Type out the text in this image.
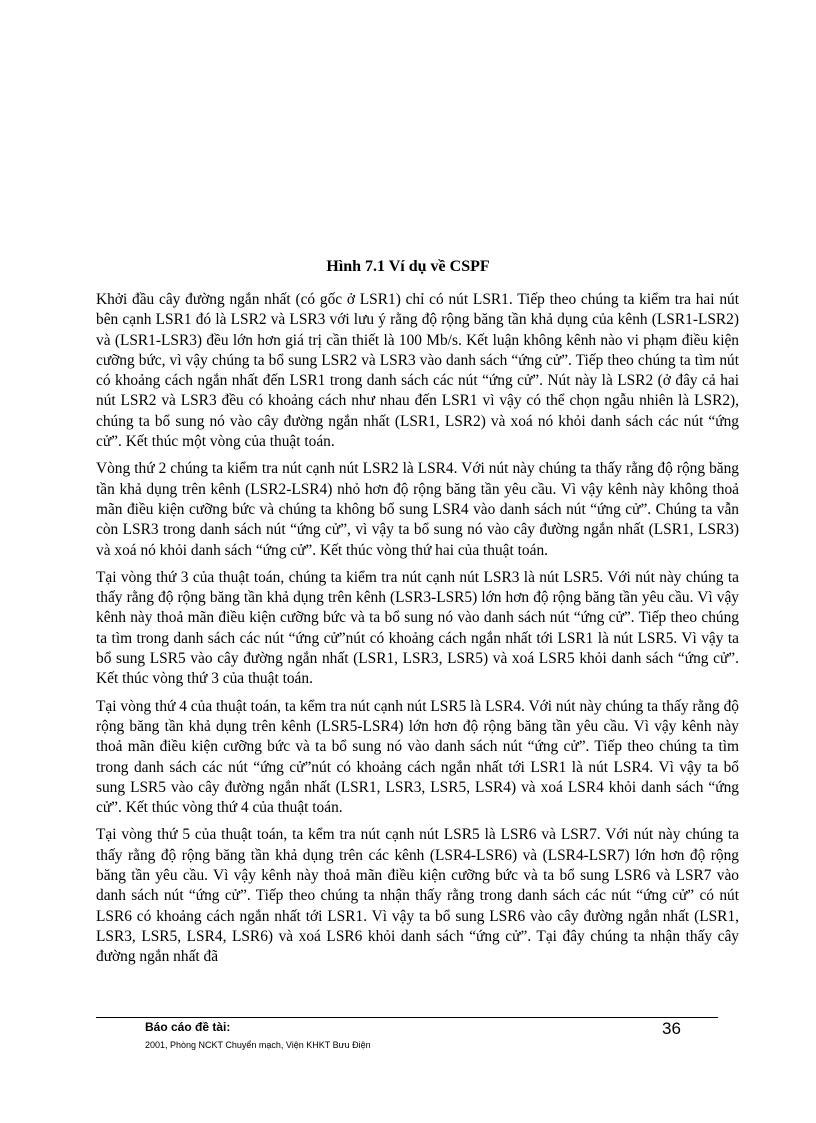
Hình 7.1 Ví dụ về CSPF

Khởi đầu cây đường ngắn nhất (có gốc ở LSR1) chỉ có nút LSR1. Tiếp theo chúng ta kiểm tra hai nút bên cạnh LSR1 đó là LSR2 và LSR3 với lưu ý rằng độ rộng băng tần khả dụng của kênh (LSR1-LSR2) và (LSR1-LSR3) đều lớn hơn giá trị cần thiết là 100 Mb/s. Kết luận không kênh nào vi phạm điều kiện cưỡng bức, vì vậy chúng ta bổ sung LSR2 và LSR3 vào danh sách “ứng cử”. Tiếp theo chúng ta tìm nút có khoảng cách ngắn nhất đến LSR1 trong danh sách các nút “ứng cử”. Nút này là LSR2 (ở đây cả hai nút LSR2 và LSR3 đều có khoảng cách như nhau đến LSR1 vì vậy có thể chọn ngẫu nhiên là LSR2), chúng ta bổ sung nó vào cây đường ngắn nhất (LSR1, LSR2) và xoá nó khỏi danh sách các nút “ứng cử”. Kết thúc một vòng của thuật toán.

Vòng thứ 2 chúng ta kiểm tra nút cạnh nút LSR2 là LSR4. Với nút này chúng ta thấy rằng độ rộng băng tần khả dụng trên kênh (LSR2-LSR4) nhỏ hơn độ rộng băng tần yêu cầu. Vì vậy kênh này không thoả mãn điều kiện cưỡng bức và chúng ta không bổ sung LSR4 vào danh sách nút “ứng cử”. Chúng ta vẫn còn LSR3 trong danh sách nút “ứng cử”, vì vậy ta bổ sung nó vào cây đường ngắn nhất (LSR1, LSR3) và xoá nó khỏi danh sách “ứng cử”. Kết thúc vòng thứ hai của thuật toán.

Tại vòng thứ 3 của thuật toán, chúng ta kiểm tra nút cạnh nút LSR3 là nút LSR5. Với nút này chúng ta thấy rằng độ rộng băng tần khả dụng trên kênh (LSR3-LSR5) lớn hơn độ rộng băng tần yêu cầu. Vì vậy kênh này thoả mãn điều kiện cưỡng bức và ta bổ sung nó vào danh sách nút “ứng cử”. Tiếp theo chúng ta tìm trong danh sách các nút “ứng cử”nút có khoảng cách ngắn nhất tới LSR1 là nút LSR5. Vì vậy ta bổ sung LSR5 vào cây đường ngắn nhất (LSR1, LSR3, LSR5) và xoá LSR5 khỏi danh sách “ứng cử”. Kết thúc vòng thứ 3 của thuật toán.

Tại vòng thứ 4 của thuật toán, ta kểm tra nút cạnh nút LSR5 là LSR4. Với nút này chúng ta thấy rằng độ rộng băng tần khả dụng trên kênh (LSR5-LSR4) lớn hơn độ rộng băng tần yêu cầu. Vì vậy kênh này thoả mãn điều kiện cưỡng bức và ta bổ sung nó vào danh sách nút “ứng cử”. Tiếp theo chúng ta tìm trong danh sách các nút “ứng cử”nút có khoảng cách ngắn nhất tới LSR1 là nút LSR4. Vì vậy ta bổ sung LSR5 vào cây đường ngắn nhất (LSR1, LSR3, LSR5, LSR4) và xoá LSR4 khỏi danh sách “ứng cử”. Kết thúc vòng thứ 4 của thuật toán.

Tại vòng thứ 5 của thuật toán, ta kểm tra nút cạnh nút LSR5 là LSR6 và LSR7. Với nút này chúng ta thấy rằng độ rộng băng tần khả dụng trên các kênh (LSR4-LSR6) và (LSR4-LSR7) lớn hơn độ rộng băng tần yêu cầu. Vì vậy kênh này thoả mãn điều kiện cưỡng bức và ta bổ sung LSR6 và LSR7 vào danh sách nút “ứng cử”. Tiếp theo chúng ta nhận thấy rằng trong danh sách các nút “ứng cử” có nút LSR6 có khoảng cách ngắn nhất tới LSR1. Vì vậy ta bổ sung LSR6 vào cây đường ngắn nhất (LSR1, LSR3, LSR5, LSR4, LSR6) và xoá LSR6 khỏi danh sách “ứng cử”. Tại đây chúng ta nhận thấy cây đường ngắn nhất đã

Báo cáo đề tài:	36
2001, Phòng NCKT Chuyển mạch, Viện KHKT Bưu Điện
